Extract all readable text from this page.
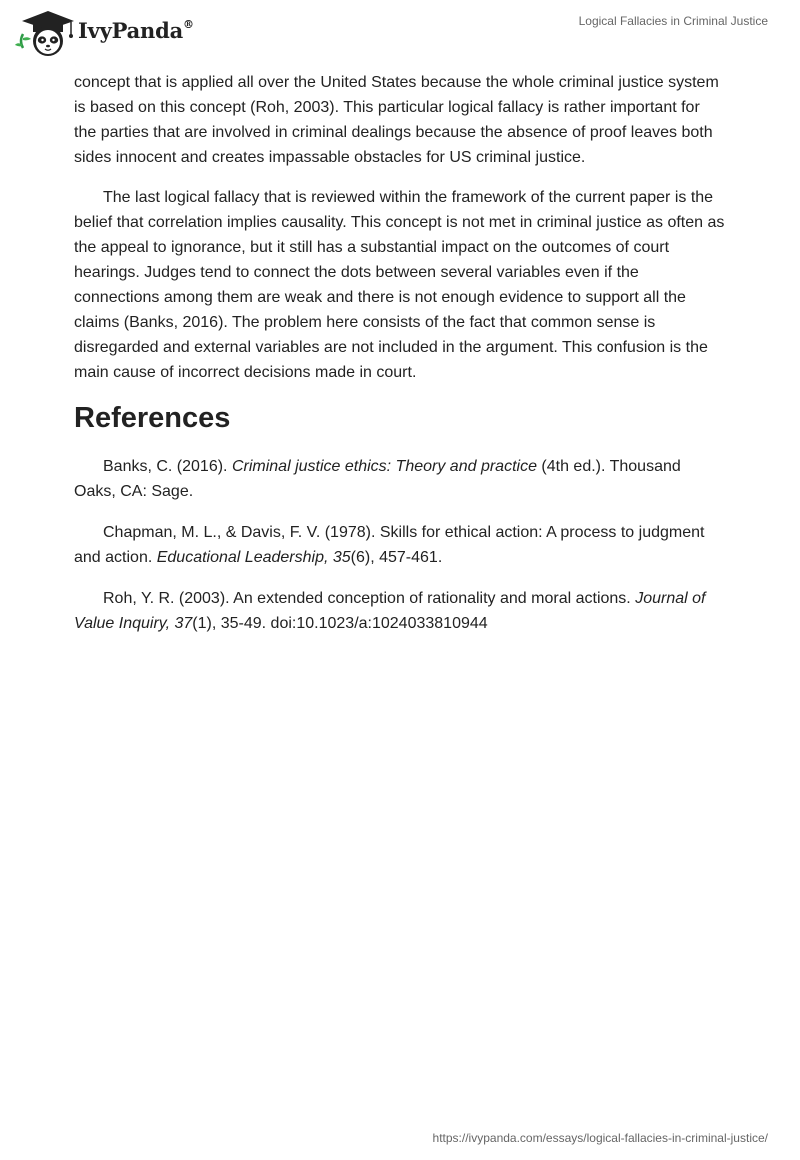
IvyPanda®	Logical Fallacies in Criminal Justice

concept that is applied all over the United States because the whole criminal justice system is based on this concept (Roh, 2003). This particular logical fallacy is rather important for the parties that are involved in criminal dealings because the absence of proof leaves both sides innocent and creates impassable obstacles for US criminal justice.

The last logical fallacy that is reviewed within the framework of the current paper is the belief that correlation implies causality. This concept is not met in criminal justice as often as the appeal to ignorance, but it still has a substantial impact on the outcomes of court hearings. Judges tend to connect the dots between several variables even if the connections among them are weak and there is not enough evidence to support all the claims (Banks, 2016). The problem here consists of the fact that common sense is disregarded and external variables are not included in the argument. This confusion is the main cause of incorrect decisions made in court.

References

Banks, C. (2016). Criminal justice ethics: Theory and practice (4th ed.). Thousand Oaks, CA: Sage.

Chapman, M. L., & Davis, F. V. (1978). Skills for ethical action: A process to judgment and action. Educational Leadership, 35(6), 457-461.

Roh, Y. R. (2003). An extended conception of rationality and moral actions. Journal of Value Inquiry, 37(1), 35-49. doi:10.1023/a:1024033810944

https://ivypanda.com/essays/logical-fallacies-in-criminal-justice/
